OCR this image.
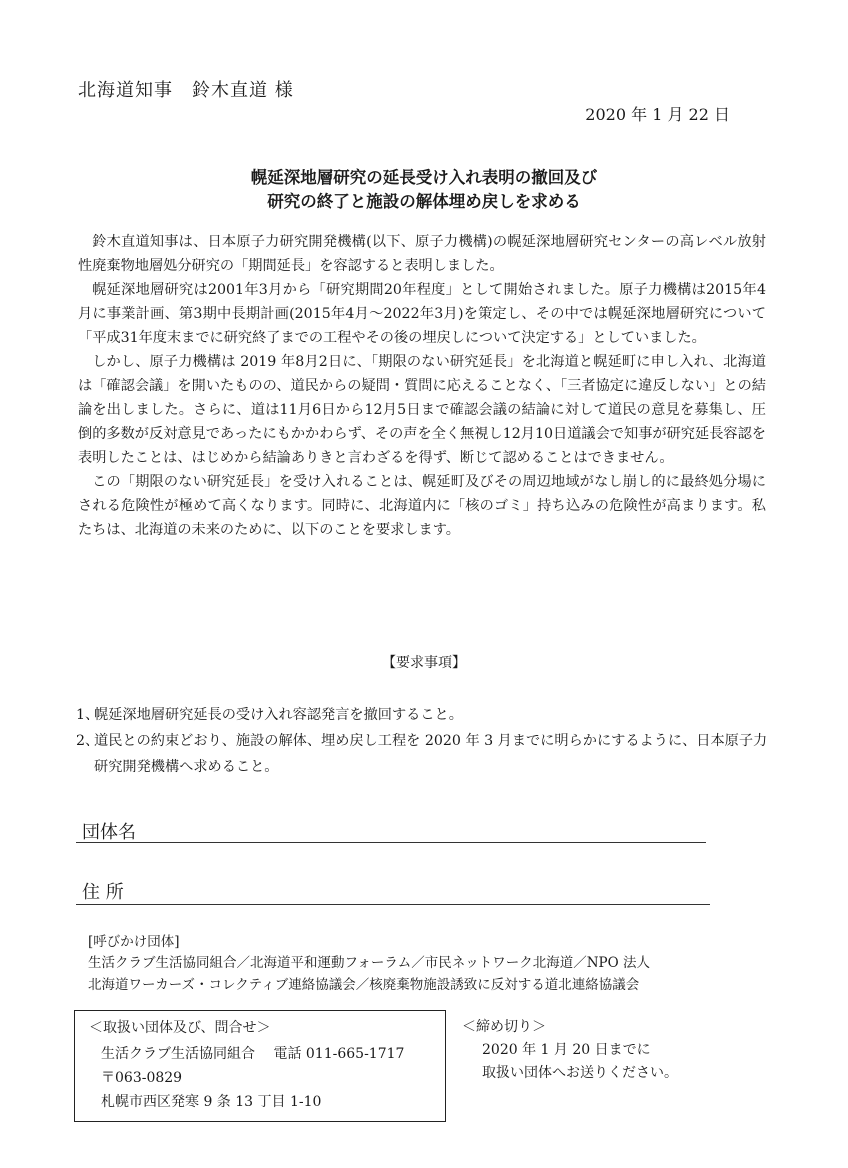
北海道知事　鈴木直道 様
2020 年 1 月 22 日
幌延深地層研究の延長受け入れ表明の撤回及び
研究の終了と施設の解体埋め戻しを求める

鈴木直道知事は、日本原子力研究開発機構(以下、原子力機構)の幌延深地層研究センターの高レベル放射性廃棄物地層処分研究の「期間延長」を容認すると表明しました。

幌延深地層研究は2001年3月から「研究期間20年程度」として開始されました。原子力機構は2015年4月に事業計画、第3期中長期計画(2015年4月〜2022年3月)を策定し、その中では幌延深地層研究について「平成31年度末までに研究終了までの工程やその後の埋戻しについて決定する」としていました。

しかし、原子力機構は 2019 年8月2日に、「期限のない研究延長」を北海道と幌延町に申し入れ、北海道は「確認会議」を開いたものの、道民からの疑問・質問に応えることなく、「三者協定に違反しない」との結論を出しました。さらに、道は11月6日から12月5日まで確認会議の結論に対して道民の意見を募集し、圧倒的多数が反対意見であったにもかかわらず、その声を全く無視し12月10日道議会で知事が研究延長容認を表明したことは、はじめから結論ありきと言わざるを得ず、断じて認めることはできません。

この「期限のない研究延長」を受け入れることは、幌延町及びその周辺地域がなし崩し的に最終処分場にされる危険性が極めて高くなります。同時に、北海道内に「核のゴミ」持ち込みの危険性が高まります。私たちは、北海道の未来のために、以下のことを要求します。

【要求事項】
1、
幌延深地層研究延長の受け入れ容認発言を撤回すること。
2、
道民との約束どおり、施設の解体、埋め戻し工程を 2020 年 3 月までに明らかにするように、日本原子力研究開発機構へ求めること。
団体名
住 所
[呼びかけ団体]
生活クラブ生活協同組合／北海道平和運動フォーラム／市民ネットワーク北海道／NPO 法人
北海道ワーカーズ・コレクティブ連絡協議会／核廃棄物施設誘致に反対する道北連絡協議会
＜取扱い団体及び、問合せ＞
生活クラブ生活協同組合　 電話 011-665-1717
〒063-0829
札幌市西区発寒 9 条 13 丁目 1-10
＜締め切り＞
2020 年 1 月 20 日までに
取扱い団体へお送りください。
